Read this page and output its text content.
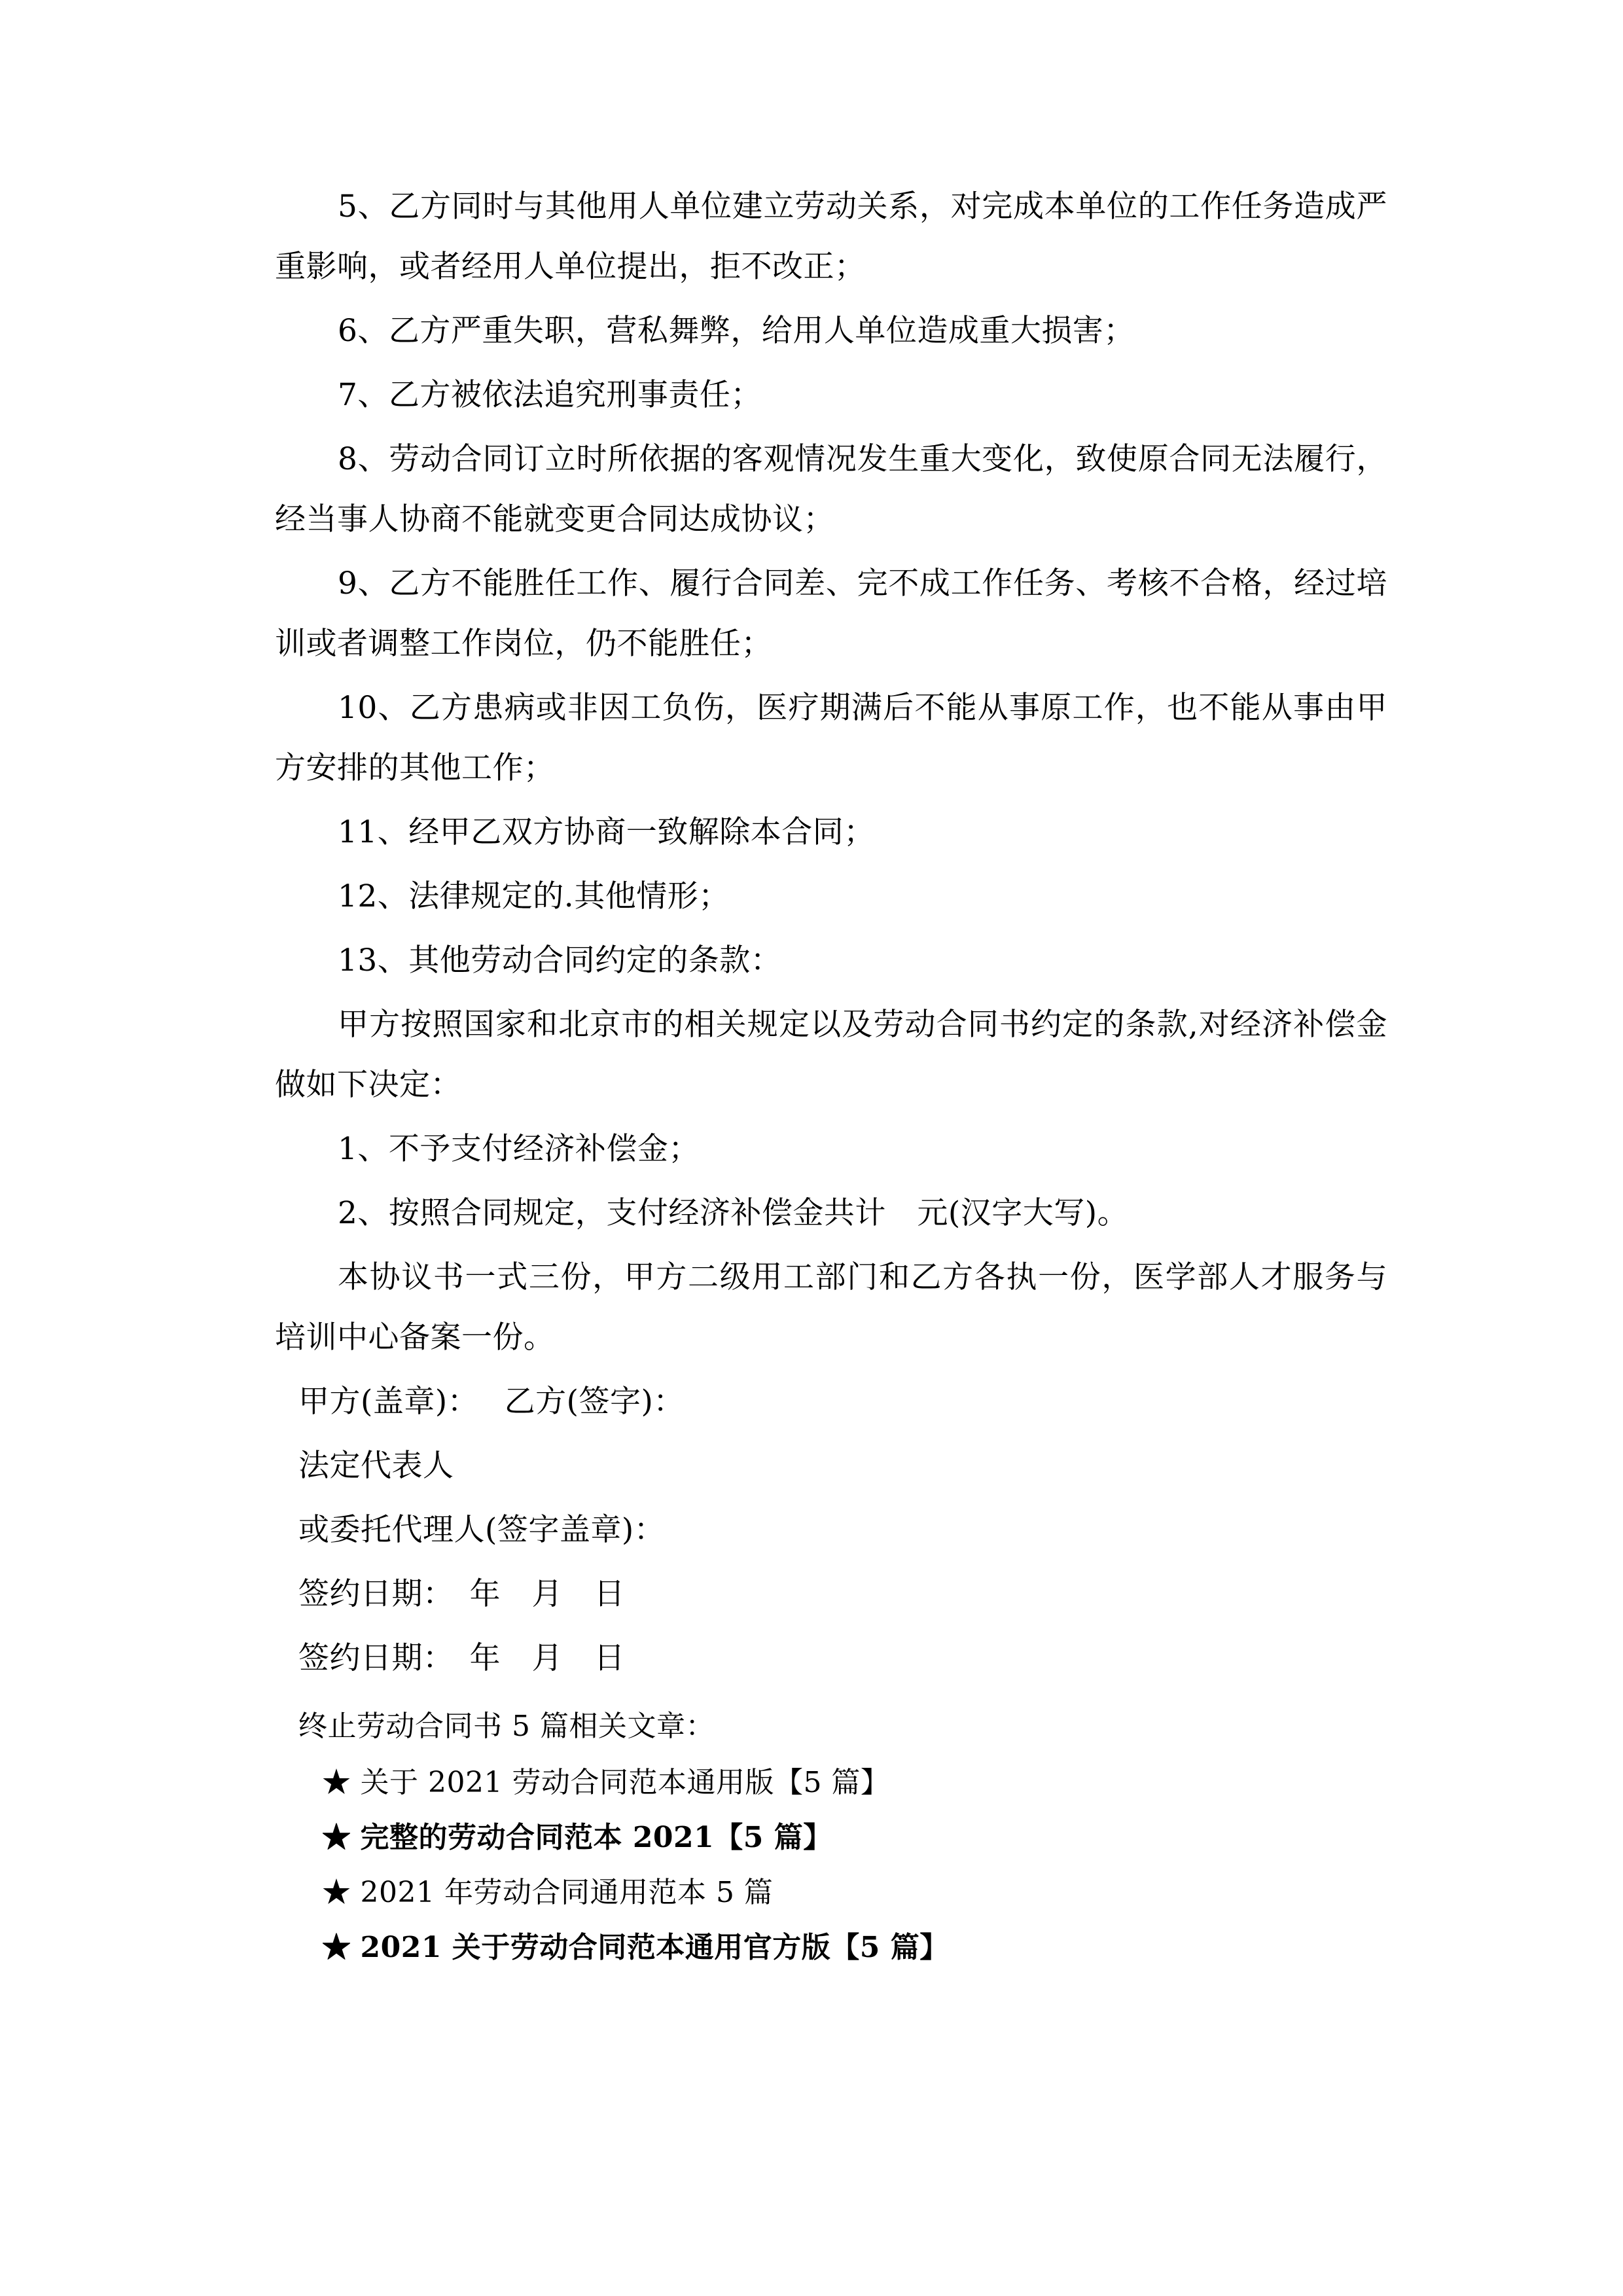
5、乙方同时与其他用人单位建立劳动关系，对完成本单位的工作任务造成严重影响，或者经用人单位提出，拒不改正；

6、乙方严重失职，营私舞弊，给用人单位造成重大损害；

7、乙方被依法追究刑事责任；

8、劳动合同订立时所依据的客观情况发生重大变化，致使原合同无法履行，经当事人协商不能就变更合同达成协议；

9、乙方不能胜任工作、履行合同差、完不成工作任务、考核不合格，经过培训或者调整工作岗位，仍不能胜任；

10、乙方患病或非因工负伤，医疗期满后不能从事原工作，也不能从事由甲方安排的其他工作；

11、经甲乙双方协商一致解除本合同；

12、法律规定的.其他情形；

13、其他劳动合同约定的条款：

甲方按照国家和北京市的相关规定以及劳动合同书约定的条款,对经济补偿金做如下决定：

1、不予支付经济补偿金；

2、按照合同规定，支付经济补偿金共计　元(汉字大写)。

本协议书一式三份，甲方二级用工部门和乙方各执一份，医学部人才服务与培训中心备案一份。

甲方(盖章)：　 乙方(签字)：

法定代表人

或委托代理人(签字盖章)：

签约日期：　年　月　日

签约日期：　年　月　日

终止劳动合同书 5 篇相关文章：

★ 关于 2021 劳动合同范本通用版【5 篇】

★ 完整的劳动合同范本 2021【5 篇】

★ 2021 年劳动合同通用范本 5 篇

★ 2021 关于劳动合同范本通用官方版【5 篇】
